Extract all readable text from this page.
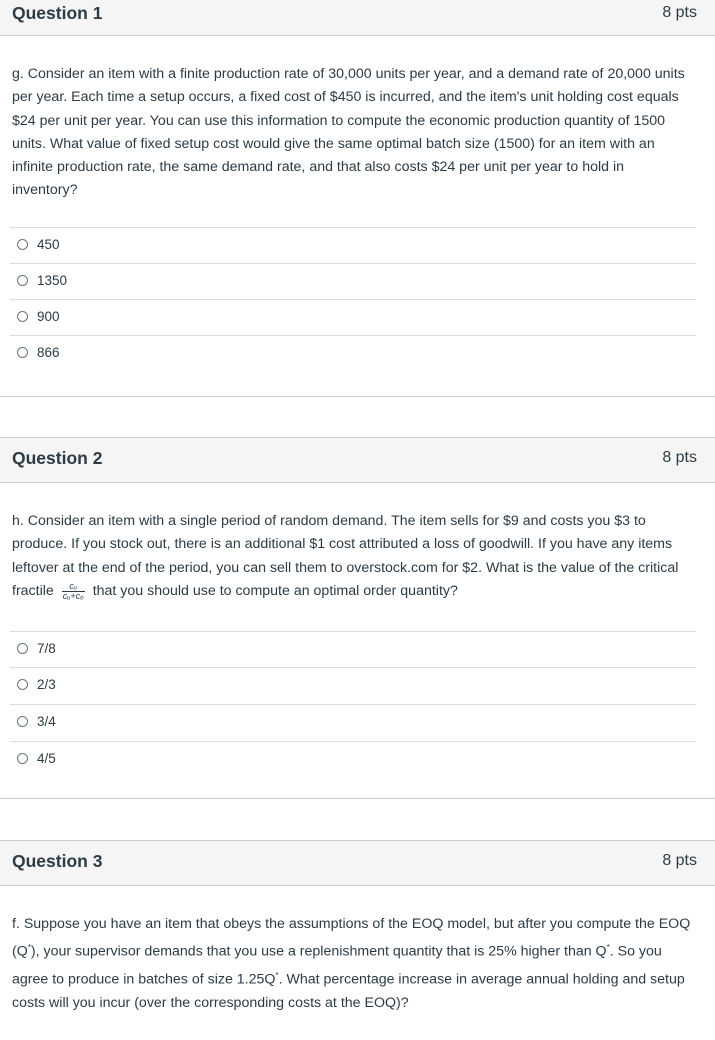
Question 1	8 pts
g. Consider an item with a finite production rate of 30,000 units per year, and a demand rate of 20,000 units per year. Each time a setup occurs, a fixed cost of $450 is incurred, and the item's unit holding cost equals $24 per unit per year. You can use this information to compute the economic production quantity of 1500 units. What value of fixed setup cost would give the same optimal batch size (1500) for an item with an infinite production rate, the same demand rate, and that also costs $24 per unit per year to hold in inventory?
450
1350
900
866
Question 2	8 pts
h. Consider an item with a single period of random demand. The item sells for $9 and costs you $3 to produce. If you stock out, there is an additional $1 cost attributed a loss of goodwill. If you have any items leftover at the end of the period, you can sell them to overstock.com for $2. What is the value of the critical fractile $\frac{\text{cᵤ}}{\text{cᵤ+cₒ}}$ that you should use to compute an optimal order quantity?
7/8
2/3
3/4
4/5
Question 3	8 pts
f. Suppose you have an item that obeys the assumptions of the EOQ model, but after you compute the EOQ (Q*), your supervisor demands that you use a replenishment quantity that is 25% higher than Q*. So you agree to produce in batches of size 1.25Q*. What percentage increase in average annual holding and setup costs will you incur (over the corresponding costs at the EOQ)?
